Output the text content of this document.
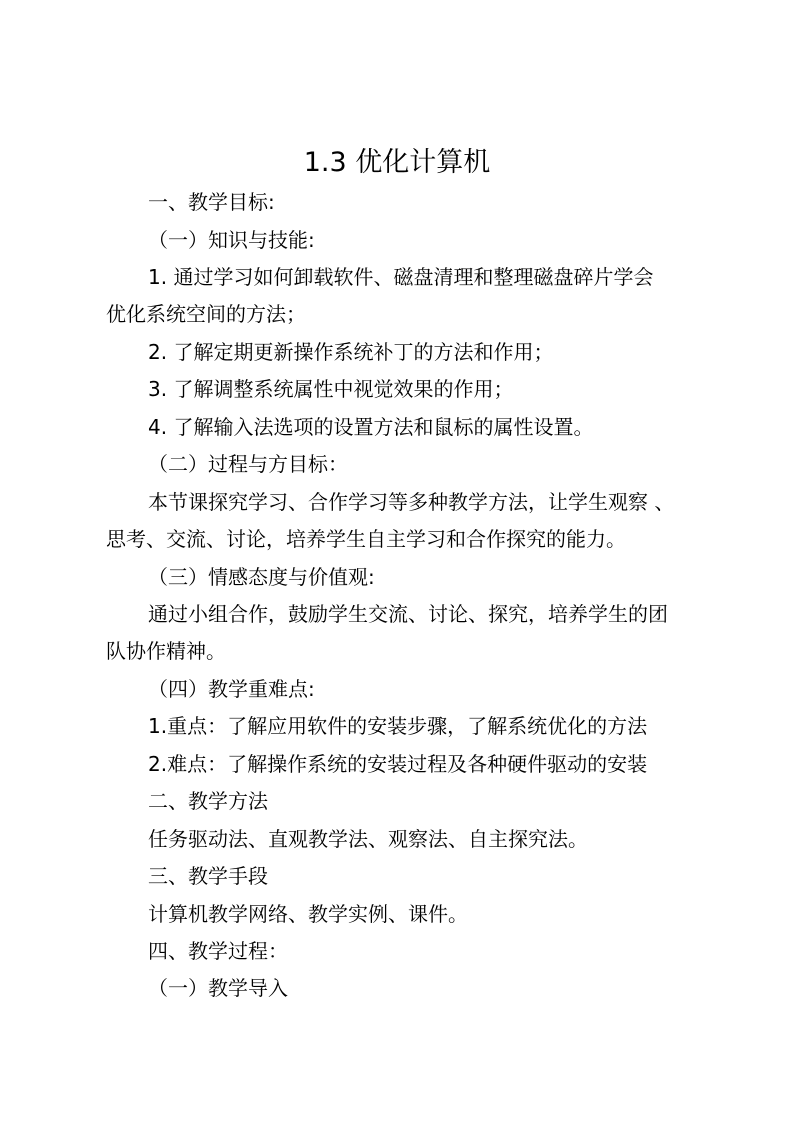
1.3 优化计算机

一、教学目标:

（一）知识与技能:

1. 通过学习如何卸载软件、磁盘清理和整理磁盘碎片学会

优化系统空间的方法；

2. 了解定期更新操作系统补丁的方法和作用；

3. 了解调整系统属性中视觉效果的作用；

4. 了解输入法选项的设置方法和鼠标的属性设置。

（二）过程与方目标：

本节课探究学习、合作学习等多种教学方法，让学生观察 、

思考、交流、讨论，培养学生自主学习和合作探究的能力。

（三）情感态度与价值观:

通过小组合作，鼓励学生交流、讨论、探究，培养学生的团

队协作精神。

（四）教学重难点:

1.重点：了解应用软件的安装步骤，了解系统优化的方法

2.难点：了解操作系统的安装过程及各种硬件驱动的安装

二、教学方法

任务驱动法、直观教学法、观察法、自主探究法。

三、教学手段

计算机教学网络、教学实例、课件。

四、教学过程：

（一）教学导入
